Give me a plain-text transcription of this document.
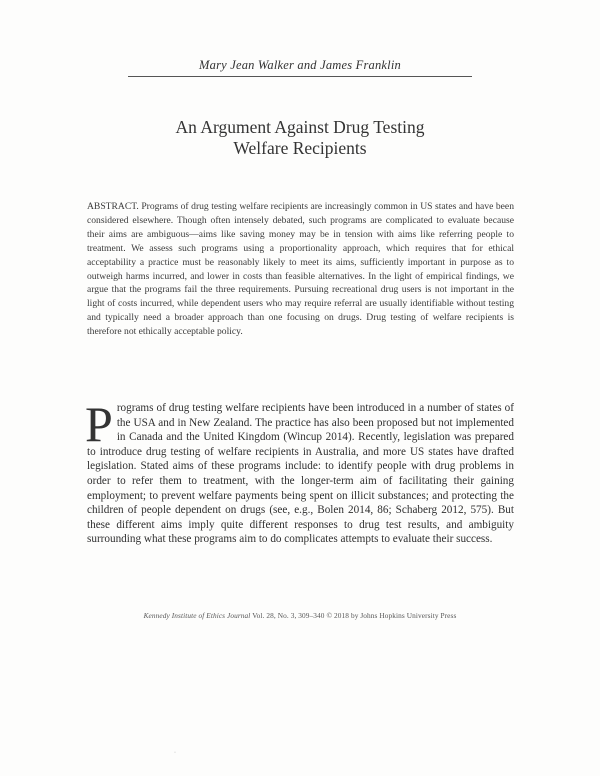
Mary Jean Walker and James Franklin
An Argument Against Drug Testing
Welfare Recipients
ABSTRACT. Programs of drug testing welfare recipients are increasingly common in US states and have been considered elsewhere. Though often intensely debated, such programs are complicated to evaluate because their aims are ambiguous—aims like saving money may be in tension with aims like referring people to treatment. We assess such programs using a proportionality approach, which requires that for ethical acceptability a practice must be reasonably likely to meet its aims, sufficiently important in purpose as to outweigh harms incurred, and lower in costs than feasible alternatives. In the light of empirical findings, we argue that the programs fail the three requirements. Pursuing recreational drug users is not important in the light of costs incurred, while dependent users who may require referral are usually identifiable without testing and typically need a broader approach than one focusing on drugs. Drug testing of welfare recipients is therefore not ethically acceptable policy.
Programs of drug testing welfare recipients have been introduced in a number of states of the USA and in New Zealand. The practice has also been proposed but not implemented in Canada and the United Kingdom (Wincup 2014). Recently, legislation was prepared to introduce drug testing of welfare recipients in Australia, and more US states have drafted legislation. Stated aims of these programs include: to identify people with drug problems in order to refer them to treatment, with the longer-term aim of facilitating their gaining employment; to prevent welfare payments being spent on illicit substances; and protecting the children of people dependent on drugs (see, e.g., Bolen 2014, 86; Schaberg 2012, 575). But these different aims imply quite different responses to drug test results, and ambiguity surrounding what these programs aim to do complicates attempts to evaluate their success.
Kennedy Institute of Ethics Journal Vol. 28, No. 3, 309–340 © 2018 by Johns Hopkins University Press
·
